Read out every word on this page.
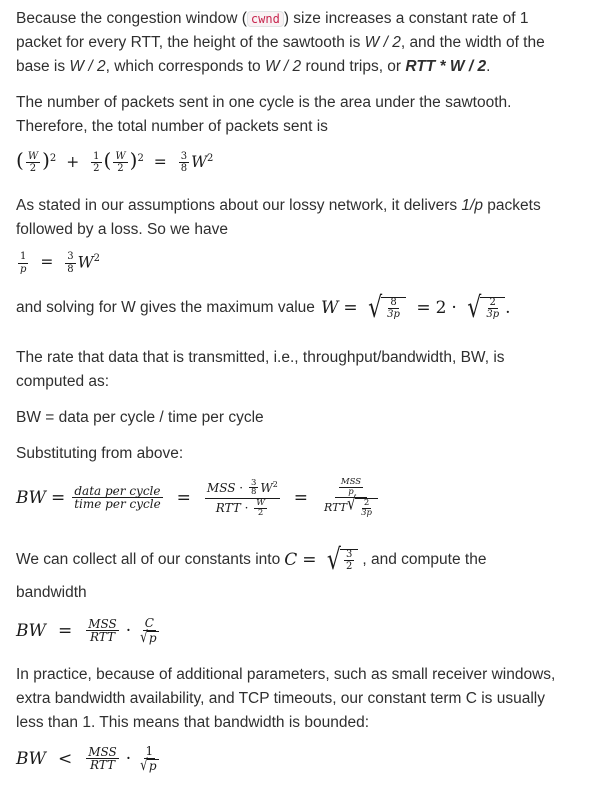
Because the congestion window ( cwnd ) size increases a constant rate of 1 packet for every RTT, the height of the sawtooth is W / 2, and the width of the base is W / 2, which corresponds to W / 2 round trips, or RTT * W / 2.

The number of packets sent in one cycle is the area under the sawtooth. Therefore, the total number of packets sent is

( $\frac{W}{2} )^2 + \frac{1}{2}$ ( $\frac{W}{2} )^2 = \frac{3}{8} W^2$

As stated in our assumptions about our lossy network, it delivers 1/p packets followed by a loss. So we have

$\frac{1}{p} = \frac{3}{8} W^2$
and solving for W gives the maximum value W = √ $\frac{8}{3p} = 2$ · √ $\frac{2}{3p}$ .

The rate that data that is transmitted, i.e., throughput/bandwidth, BW, is computed as:

BW = data per cycle / time per cycle

Substituting from above:

BW = $\frac{\text{data per cycle}}{\text{time per cycle}} = \frac{MSS \cdot \frac{3}{8} W^2}{RTT \cdot \frac{W}{2}} = \frac{\frac{\text{MSS}}{p}}{RTT √ \frac{2}{3p}}$
We can collect all of our constants into C = √ $\frac{3}{2}$ , and compute the

bandwidth

BW = $\frac{\text{MSS}}{\text{RTT}} \cdot \frac{C}{√ p}$

In practice, because of additional parameters, such as small receiver windows, extra bandwidth availability, and TCP timeouts, our constant term C is usually less than 1. This means that bandwidth is bounded:

BW < $\frac{\text{MSS}}{\text{RTT}} \cdot \frac{1}{√ p}$
